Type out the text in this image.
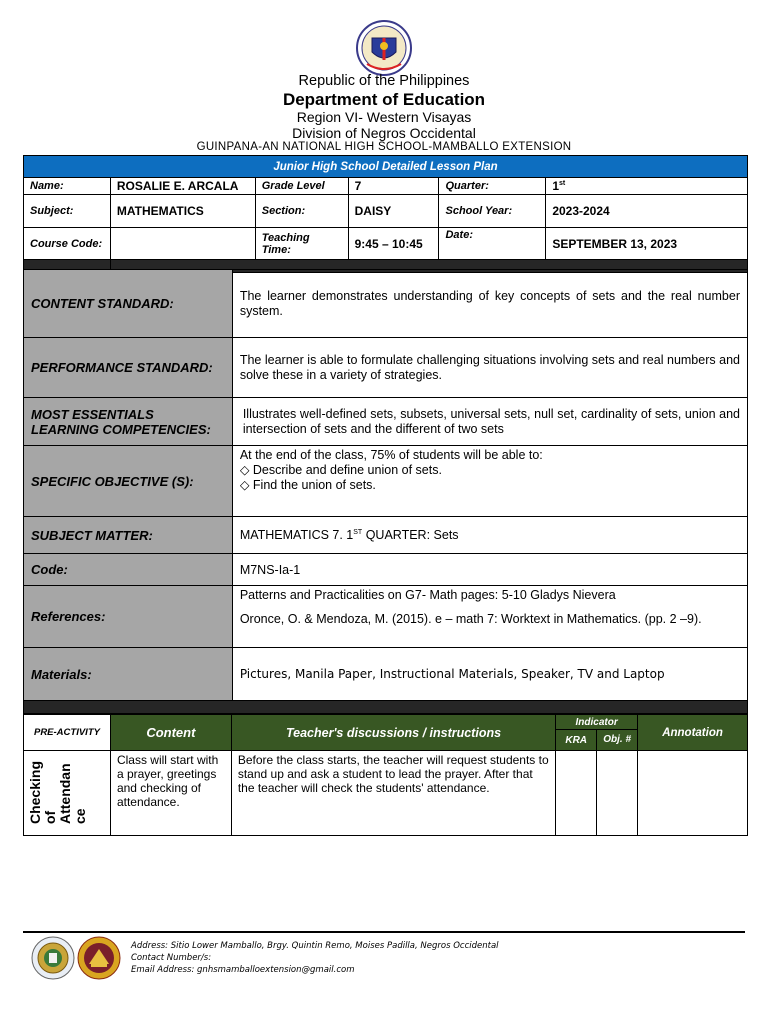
Republic of the Philippines
Department of Education
Region VI- Western Visayas
Division of Negros Occidental
GUINPANA-AN NATIONAL HIGH SCHOOL-MAMBALLO EXTENSION
Junior High School Detailed Lesson Plan					
Name:	ROSALIE E. ARCALA	Grade Level	7	Quarter:	1st
Subject:	MATHEMATICS	Section:	DAISY	School Year:	2023-2024
Course Code:		Teaching Time:	9:45 – 10:45	Date:	SEPTEMBER 13, 2023

CONTENT STANDARD:	The learner demonstrates understanding of key concepts of sets and the real number system.
PERFORMANCE STANDARD:	The learner is able to formulate challenging situations involving sets and real numbers and solve these in a variety of strategies.
MOST ESSENTIALS LEARNING COMPETENCIES:	Illustrates well-defined sets, subsets, universal sets, null set, cardinality of sets, union and intersection of sets and the different of two sets
SPECIFIC OBJECTIVE (S):	At the end of the class, 75% of students will be able to:
◇ Describe and define union of sets.
◇ Find the union of sets.

SUBJECT MATTER:	MATHEMATICS 7. 1ST QUARTER: Sets
Code:	M7NS-Ia-1
References:	Patterns and Practicalities on G7- Math pages: 5-10 Gladys Nievera
Oronce, O. & Mendoza, M. (2015). e – math 7: Worktext in Mathematics. (pp. 2 –9).

Materials:	Pictures, Manila Paper, Instructional Materials, Speaker, TV and Laptop

PRE-ACTIVITY	Content	Teacher's discussions / instructions	Indicator		Annotation
			KRA	Obj. #	

Checking
of
Attendan
ce	Class will start with a prayer, greetings and checking of attendance.	Before the class starts, the teacher will request students to stand up and ask a student to lead the prayer. After that the teacher will check the students' attendance.			
Address: Sitio Lower Mamballo, Brgy. Quintin Remo, Moises Padilla, Negros Occidental
Contact Number/s:
Email Address: gnhsmamballoextension@gmail.com
